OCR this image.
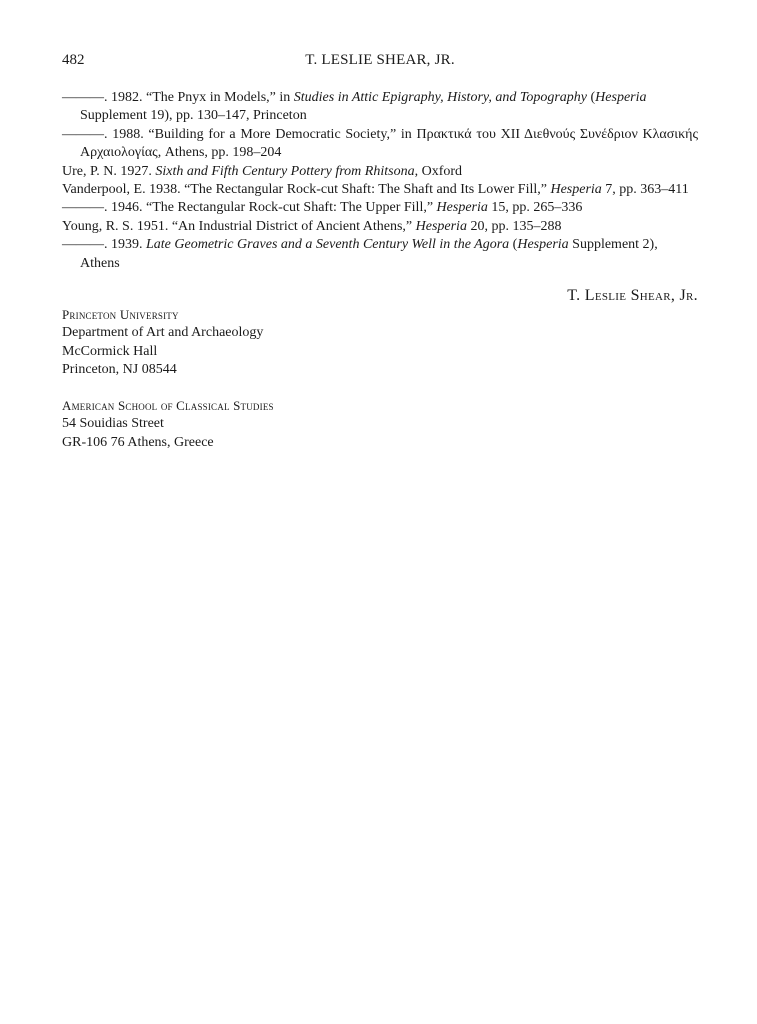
482	T. LESLIE SHEAR, JR.

———. 1982. “The Pnyx in Models,” in Studies in Attic Epigraphy, History, and Topography (Hesperia Supplement 19), pp. 130–147, Princeton

———. 1988. “Building for a More Democratic Society,” in Πρακτικά του ΧΙΙ Διεθνούς Συνέδριον Κλασικής Αρχαιολογίας, Athens, pp. 198–204

Ure, P. N. 1927. Sixth and Fifth Century Pottery from Rhitsona, Oxford

Vanderpool, E. 1938. “The Rectangular Rock-cut Shaft: The Shaft and Its Lower Fill,” Hesperia 7, pp. 363–411

———. 1946. “The Rectangular Rock-cut Shaft: The Upper Fill,” Hesperia 15, pp. 265–336

Young, R. S. 1951. “An Industrial District of Ancient Athens,” Hesperia 20, pp. 135–288

———. 1939. Late Geometric Graves and a Seventh Century Well in the Agora (Hesperia Supplement 2), Athens

T. Leslie Shear, Jr.
Princeton University
Department of Art and Archaeology
McCormick Hall
Princeton, NJ 08544
American School of Classical Studies
54 Souidias Street
GR-106 76 Athens, Greece
